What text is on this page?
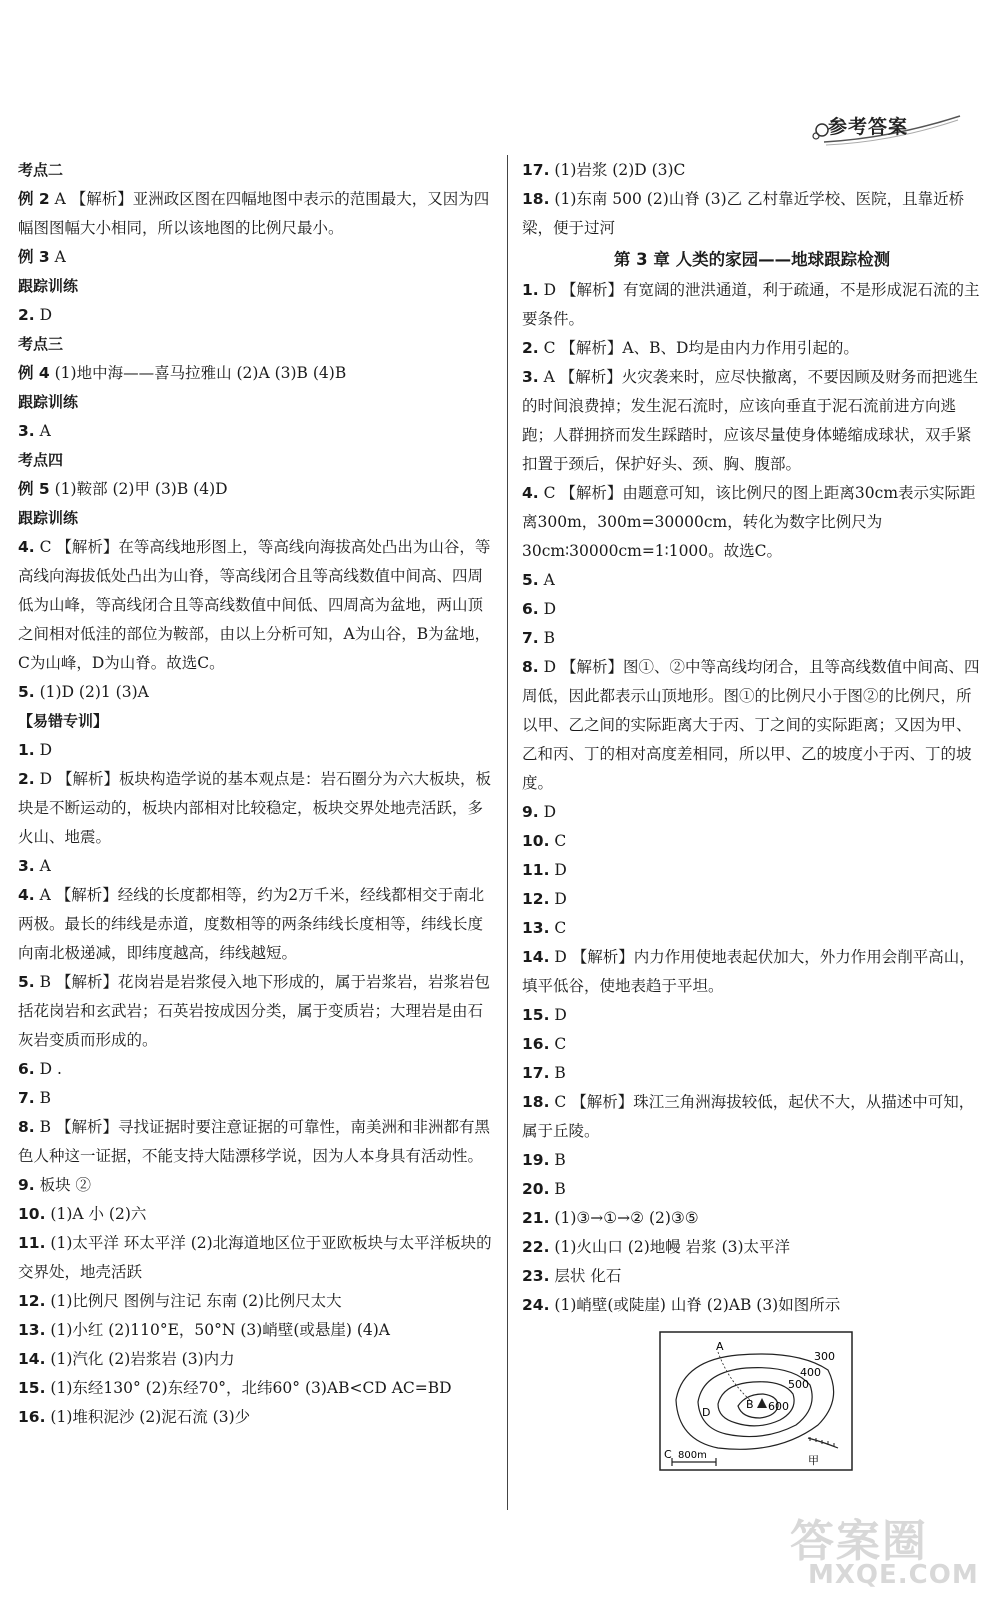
参考答案

考点二

例 2 A 【解析】亚洲政区图在四幅地图中表示的范围最大，又因为四幅图图幅大小相同，所以该地图的比例尺最小。

例 3 A

跟踪训练

2. D

考点三

例 4 (1)地中海——喜马拉雅山 (2)A (3)B (4)B

跟踪训练

3. A

考点四

例 5 (1)鞍部 (2)甲 (3)B (4)D

跟踪训练

4. C 【解析】在等高线地形图上，等高线向海拔高处凸出为山谷，等高线向海拔低处凸出为山脊，等高线闭合且等高线数值中间高、四周低为山峰，等高线闭合且等高线数值中间低、四周高为盆地，两山顶之间相对低洼的部位为鞍部，由以上分析可知，A为山谷，B为盆地，C为山峰，D为山脊。故选C。

5. (1)D (2)1 (3)A

【易错专训】

1. D

2. D 【解析】板块构造学说的基本观点是：岩石圈分为六大板块，板块是不断运动的，板块内部相对比较稳定，板块交界处地壳活跃，多火山、地震。

3. A

4. A 【解析】经线的长度都相等，约为2万千米，经线都相交于南北两极。最长的纬线是赤道，度数相等的两条纬线长度相等，纬线长度向南北极递减，即纬度越高，纬线越短。

5. B 【解析】花岗岩是岩浆侵入地下形成的，属于岩浆岩，岩浆岩包括花岗岩和玄武岩；石英岩按成因分类，属于变质岩；大理岩是由石灰岩变质而形成的。

6. D .

7. B

8. B 【解析】寻找证据时要注意证据的可靠性，南美洲和非洲都有黑色人种这一证据，不能支持大陆漂移学说，因为人本身具有活动性。

9. 板块 ②

10. (1)A 小 (2)六

11. (1)太平洋 环太平洋 (2)北海道地区位于亚欧板块与太平洋板块的交界处，地壳活跃

12. (1)比例尺 图例与注记 东南 (2)比例尺太大

13. (1)小红 (2)110°E，50°N (3)峭壁(或悬崖) (4)A

14. (1)汽化 (2)岩浆岩 (3)内力

15. (1)东经130° (2)东经70°，北纬60° (3)AB<CD AC=BD

16. (1)堆积泥沙 (2)泥石流 (3)少

17. (1)岩浆 (2)D (3)C

18. (1)东南 500 (2)山脊 (3)乙 乙村靠近学校、医院，且靠近桥梁，便于过河

第 3 章 人类的家园——地球跟踪检测

1. D 【解析】有宽阔的泄洪通道，利于疏通，不是形成泥石流的主要条件。

2. C 【解析】A、B、D均是由内力作用引起的。

3. A 【解析】火灾袭来时，应尽快撤离，不要因顾及财务而把逃生的时间浪费掉；发生泥石流时，应该向垂直于泥石流前进方向逃跑；人群拥挤而发生踩踏时，应该尽量使身体蜷缩成球状，双手紧扣置于颈后，保护好头、颈、胸、腹部。

4. C 【解析】由题意可知，该比例尺的图上距离30cm表示实际距离300m，300m=30000cm，转化为数字比例尺为30cm∶30000cm=1∶1000。故选C。

5. A

6. D

7. B

8. D 【解析】图①、②中等高线均闭合，且等高线数值中间高、四周低，因此都表示山顶地形。图①的比例尺小于图②的比例尺，所以甲、乙之间的实际距离大于丙、丁之间的实际距离；又因为甲、乙和丙、丁的相对高度差相同，所以甲、乙的坡度小于丙、丁的坡度。

9. D

10. C

11. D

12. D

13. C

14. D 【解析】内力作用使地表起伏加大，外力作用会削平高山，填平低谷，使地表趋于平坦。

15. D

16. C

17. B

18. C 【解析】珠江三角洲海拔较低，起伏不大，从描述中可知，属于丘陵。

19. B

20. B

21. (1)③→①→② (2)③⑤

22. (1)火山口 (2)地幔 岩浆 (3)太平洋

23. 层状 化石

24. (1)峭壁(或陡崖) 山脊 (2)AB (3)如图所示

300
400
500
600
A
B
C
D
甲
800m
答案圈
MXQE.COM
